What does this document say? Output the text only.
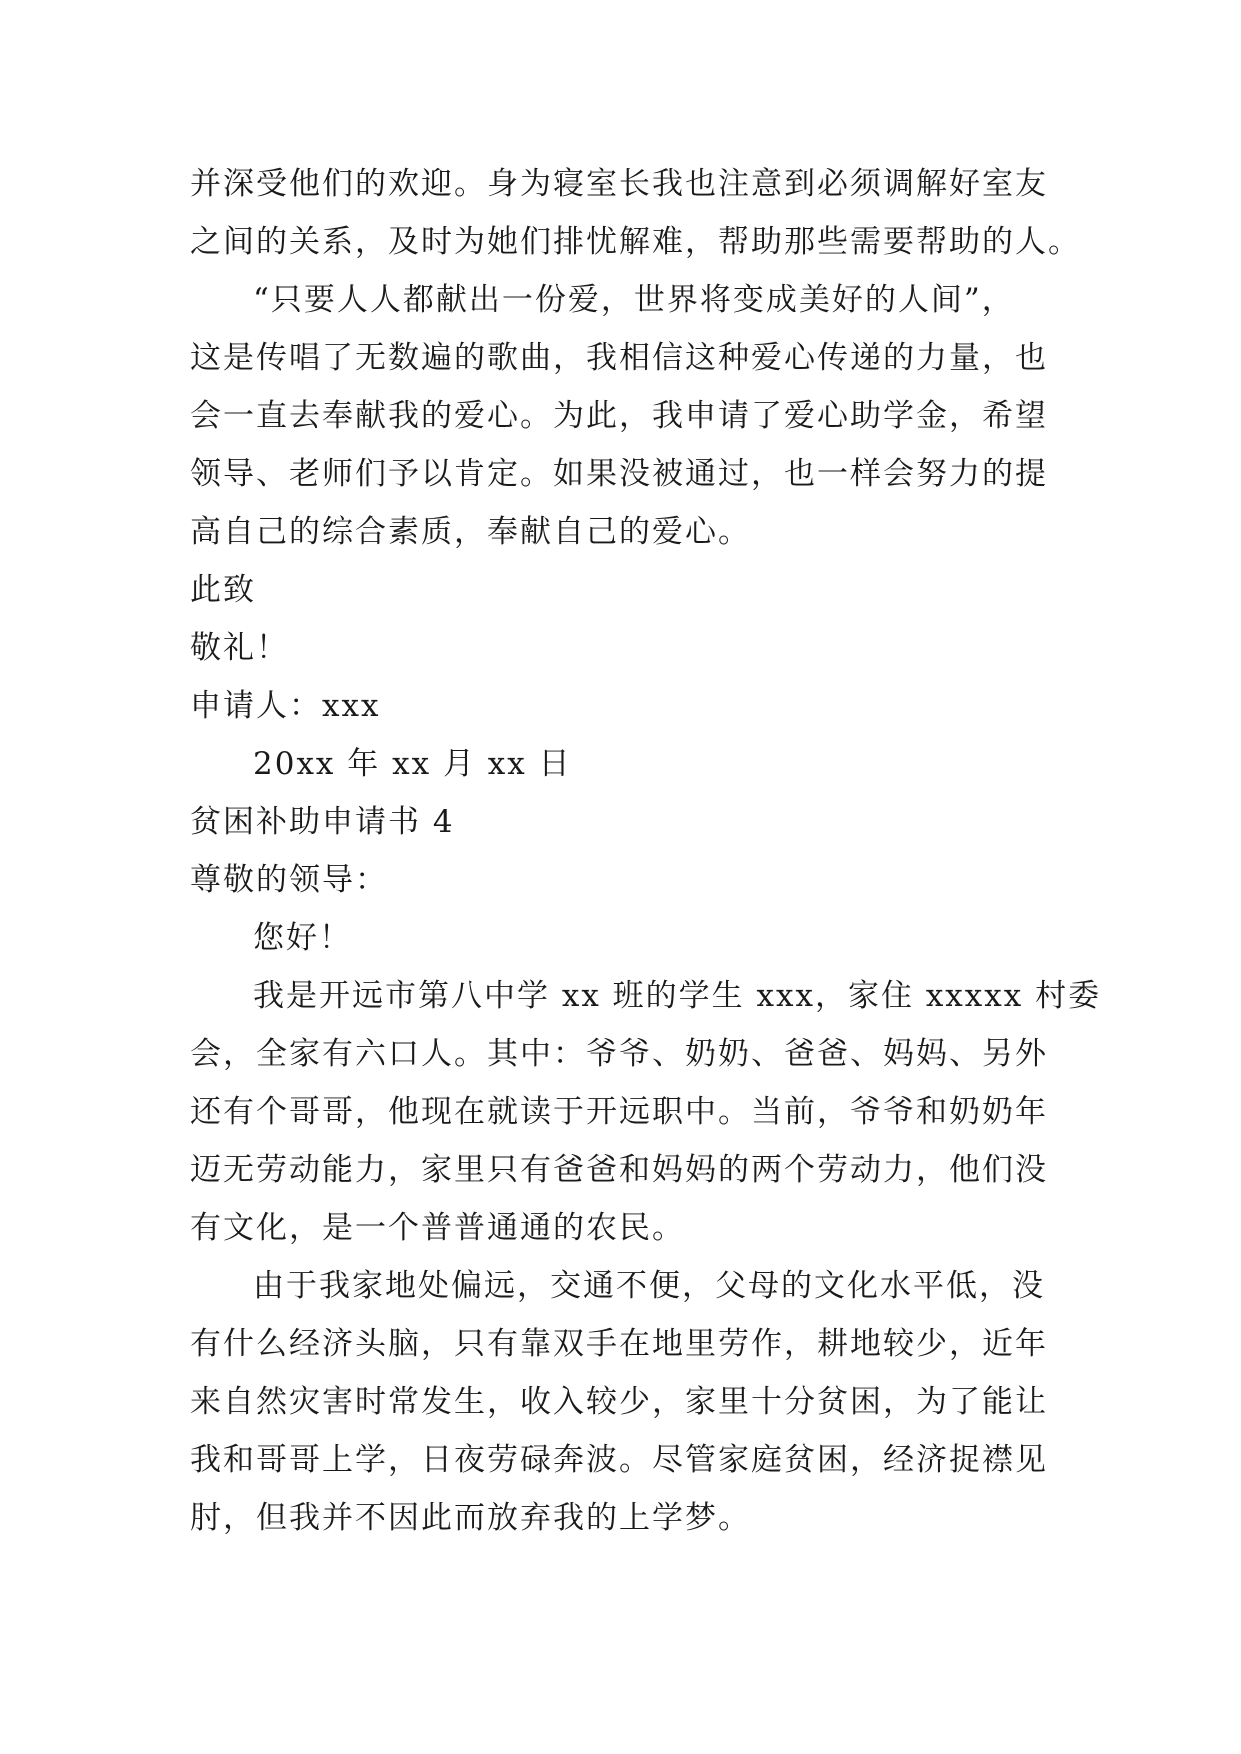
并深受他们的欢迎。身为寝室长我也注意到必须调解好室友
之间的关系，及时为她们排忧解难，帮助那些需要帮助的人。
“只要人人都献出一份爱，世界将变成美好的人间”，
这是传唱了无数遍的歌曲，我相信这种爱心传递的力量，也
会一直去奉献我的爱心。为此，我申请了爱心助学金，希望
领导、老师们予以肯定。如果没被通过，也一样会努力的提
高自己的综合素质，奉献自己的爱心。
此致
敬礼！
申请人：xxx
20xx 年 xx 月 xx 日
贫困补助申请书 4
尊敬的领导：
您好！
我是开远市第八中学 xx 班的学生 xxx，家住 xxxxx 村委
会，全家有六口人。其中：爷爷、奶奶、爸爸、妈妈、另外
还有个哥哥，他现在就读于开远职中。当前，爷爷和奶奶年
迈无劳动能力，家里只有爸爸和妈妈的两个劳动力，他们没
有文化，是一个普普通通的农民。
由于我家地处偏远，交通不便，父母的文化水平低，没
有什么经济头脑，只有靠双手在地里劳作，耕地较少，近年
来自然灾害时常发生，收入较少，家里十分贫困，为了能让
我和哥哥上学，日夜劳碌奔波。尽管家庭贫困，经济捉襟见
肘，但我并不因此而放弃我的上学梦。
